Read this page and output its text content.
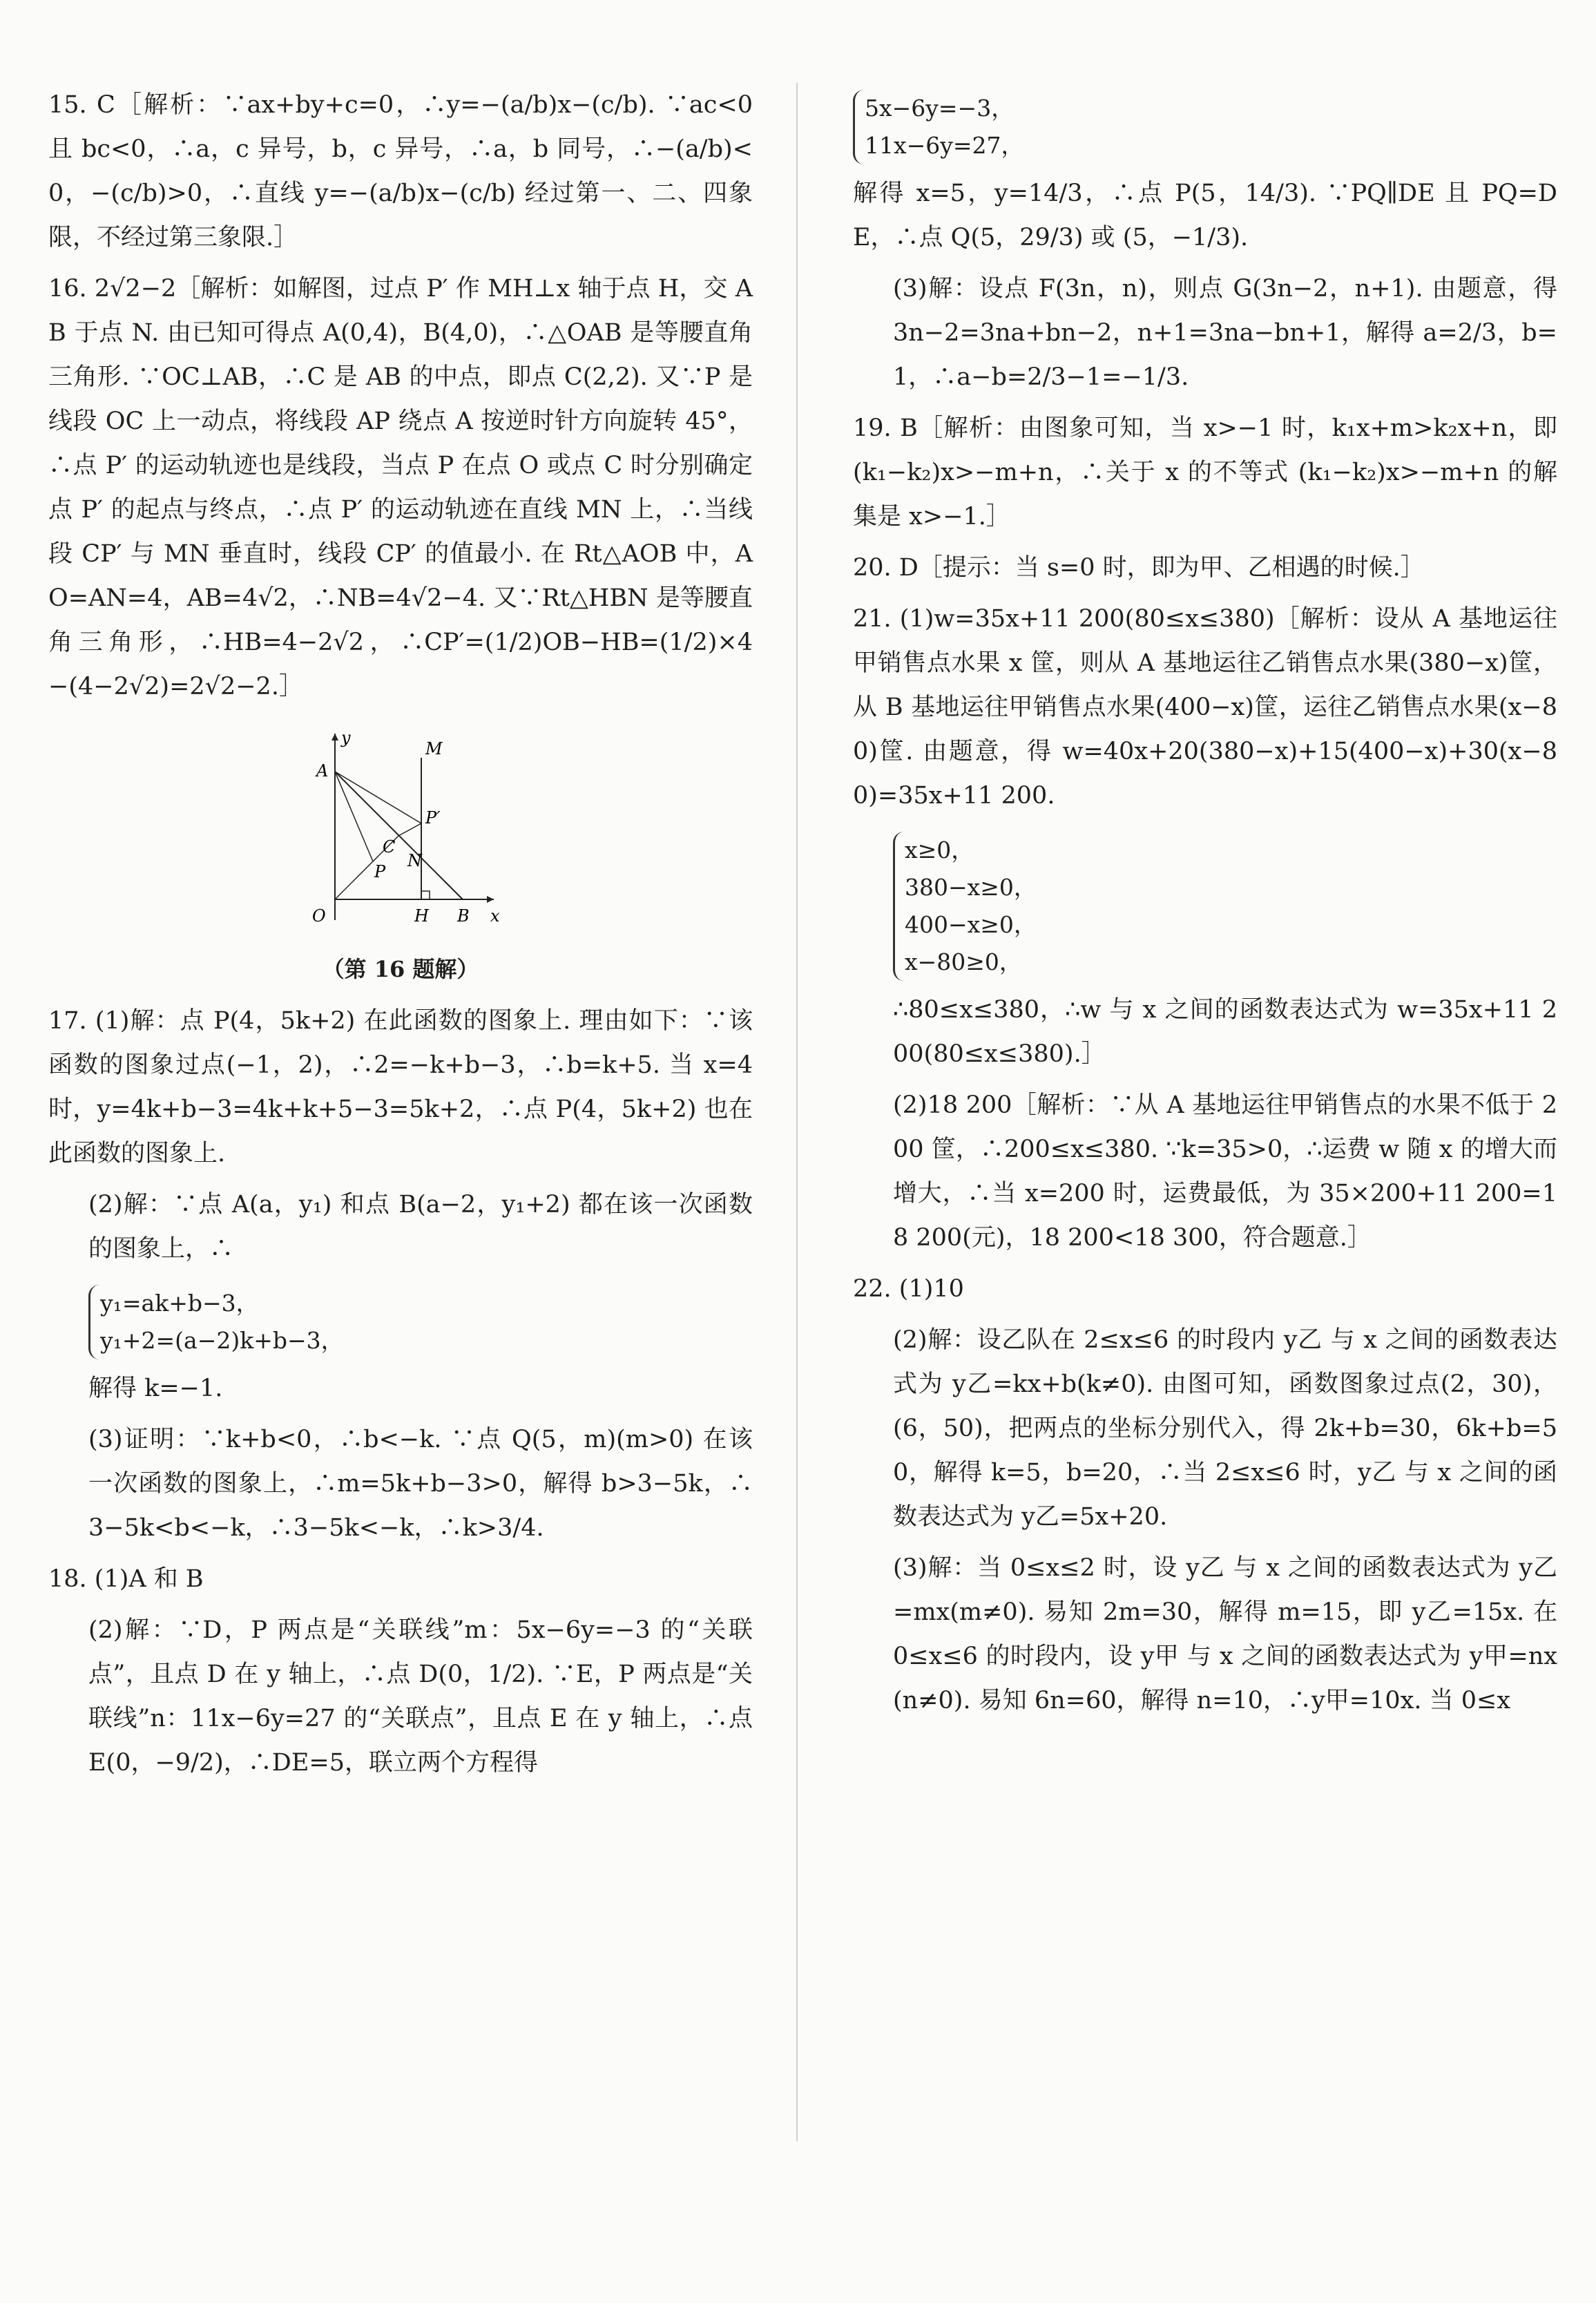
15. C［解析：∵ax+by+c=0，∴y=−(a/b)x−(c/b). ∵ac<0 且 bc<0，∴a，c 异号，b，c 异号，∴a，b 同号，∴−(a/b)<0，−(c/b)>0，∴直线 y=−(a/b)x−(c/b) 经过第一、二、四象限，不经过第三象限.］

16. 2√2−2［解析：如解图，过点 P′ 作 MH⊥x 轴于点 H，交 AB 于点 N. 由已知可得点 A(0,4)，B(4,0)，∴△OAB 是等腰直角三角形. ∵OC⊥AB，∴C 是 AB 的中点，即点 C(2,2). 又∵P 是线段 OC 上一动点，将线段 AP 绕点 A 按逆时针方向旋转 45°，∴点 P′ 的运动轨迹也是线段，当点 P 在点 O 或点 C 时分别确定点 P′ 的起点与终点，∴点 P′ 的运动轨迹在直线 MN 上，∴当线段 CP′ 与 MN 垂直时，线段 CP′ 的值最小. 在 Rt△AOB 中，AO=AN=4，AB=4√2，∴NB=4√2−4. 又∵Rt△HBN 是等腰直角三角形，∴HB=4−2√2，∴CP′=(1/2)OB−HB=(1/2)×4−(4−2√2)=2√2−2.］

y
x
M
A
P′
C
N
P
O	H B
（第 16 题解）

17. (1)解：点 P(4，5k+2) 在此函数的图象上. 理由如下：∵该函数的图象过点(−1，2)，∴2=−k+b−3，∴b=k+5. 当 x=4 时，y=4k+b−3=4k+k+5−3=5k+2，∴点 P(4，5k+2) 也在此函数的图象上.

(2)解：∵点 A(a，y₁) 和点 B(a−2，y₁+2) 都在该一次函数的图象上，∴

y₁=ak+b−3，
y₁+2=(a−2)k+b−3，

解得 k=−1.

(3)证明：∵k+b<0，∴b<−k. ∵点 Q(5，m)(m>0) 在该一次函数的图象上，∴m=5k+b−3>0，解得 b>3−5k，∴3−5k<b<−k，∴3−5k<−k，∴k>3/4.

18. (1)A 和 B

(2)解：∵D，P 两点是“关联线”m：5x−6y=−3 的“关联点”，且点 D 在 y 轴上，∴点 D(0，1/2). ∵E，P 两点是“关联线”n：11x−6y=27 的“关联点”，且点 E 在 y 轴上，∴点 E(0，−9/2)，∴DE=5，联立两个方程得

5x−6y=−3，
11x−6y=27，

解得 x=5，y=14/3，∴点 P(5，14/3). ∵PQ∥DE 且 PQ=DE，∴点 Q(5，29/3) 或 (5，−1/3).

(3)解：设点 F(3n，n)，则点 G(3n−2，n+1). 由题意，得 3n−2=3na+bn−2，n+1=3na−bn+1，解得 a=2/3，b=1，∴a−b=2/3−1=−1/3.

19. B［解析：由图象可知，当 x>−1 时，k₁x+m>k₂x+n，即 (k₁−k₂)x>−m+n，∴关于 x 的不等式 (k₁−k₂)x>−m+n 的解集是 x>−1.］

20. D［提示：当 s=0 时，即为甲、乙相遇的时候.］

21. (1)w=35x+11 200(80≤x≤380)［解析：设从 A 基地运往甲销售点水果 x 筐，则从 A 基地运往乙销售点水果(380−x)筐，从 B 基地运往甲销售点水果(400−x)筐，运往乙销售点水果(x−80)筐. 由题意，得 w=40x+20(380−x)+15(400−x)+30(x−80)=35x+11 200.

x≥0，
380−x≥0，
400−x≥0，
x−80≥0，

∴80≤x≤380，∴w 与 x 之间的函数表达式为 w=35x+11 200(80≤x≤380).］

(2)18 200［解析：∵从 A 基地运往甲销售点的水果不低于 200 筐，∴200≤x≤380. ∵k=35>0，∴运费 w 随 x 的增大而增大，∴当 x=200 时，运费最低，为 35×200+11 200=18 200(元)，18 200<18 300，符合题意.］

22. (1)10

(2)解：设乙队在 2≤x≤6 的时段内 y乙 与 x 之间的函数表达式为 y乙=kx+b(k≠0). 由图可知，函数图象过点(2，30)，(6，50)，把两点的坐标分别代入，得 2k+b=30，6k+b=50，解得 k=5，b=20，∴当 2≤x≤6 时，y乙 与 x 之间的函数表达式为 y乙=5x+20.

(3)解：当 0≤x≤2 时，设 y乙 与 x 之间的函数表达式为 y乙=mx(m≠0). 易知 2m=30，解得 m=15，即 y乙=15x. 在 0≤x≤6 的时段内，设 y甲 与 x 之间的函数表达式为 y甲=nx(n≠0). 易知 6n=60，解得 n=10，∴y甲=10x. 当 0≤x
